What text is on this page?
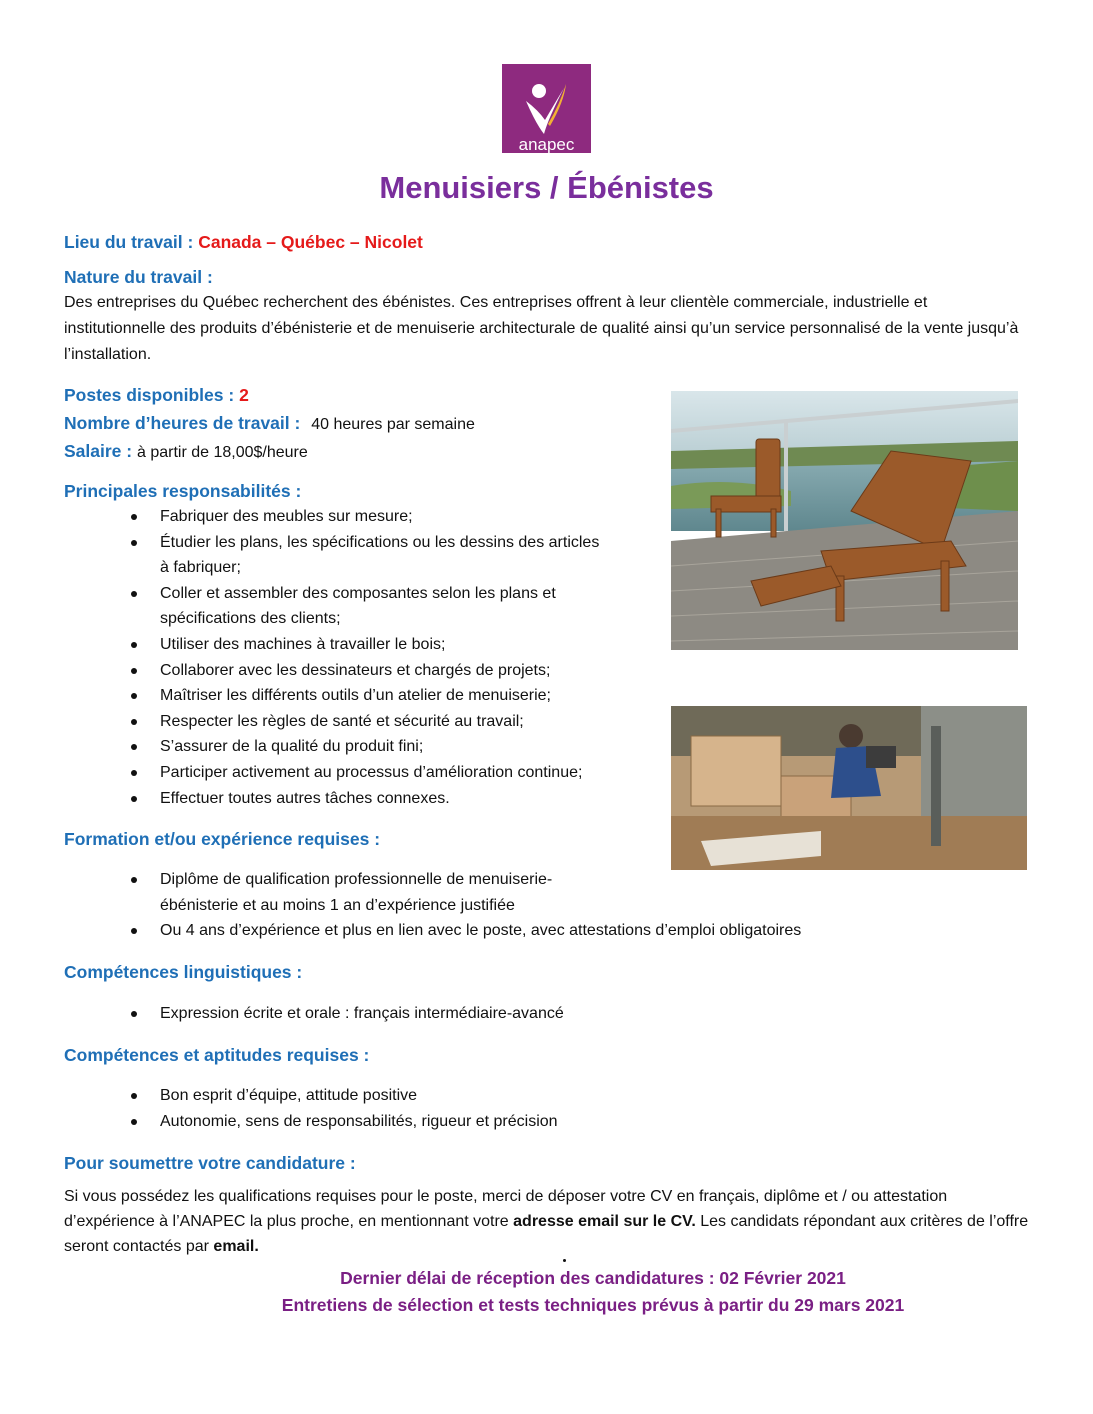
anapec
Menuisiers / Ébénistes
Lieu du travail : Canada – Québec – Nicolet
Nature du travail :
Des entreprises du Québec recherchent des ébénistes. Ces entreprises offrent à leur clientèle commerciale, industrielle et institutionnelle des produits d’ébénisterie et de menuiserie architecturale de qualité ainsi qu’un service personnalisé de la vente jusqu’à l’installation.
Postes disponibles : 2
Nombre d’heures de travail : 40 heures par semaine
Salaire : à partir de 18,00$/heure
Principales responsabilités :
Fabriquer des meubles sur mesure;
Étudier les plans, les spécifications ou les dessins des articles
à fabriquer;
Coller et assembler des composantes selon les plans et
spécifications des clients;
Utiliser des machines à travailler le bois;
Collaborer avec les dessinateurs et chargés de projets;
Maîtriser les différents outils d’un atelier de menuiserie;
Respecter les règles de santé et sécurité au travail;
S’assurer de la qualité du produit fini;
Participer activement au processus d’amélioration continue;
Effectuer toutes autres tâches connexes.
Formation et/ou expérience requises :
Diplôme de qualification professionnelle de menuiserie-
ébénisterie et au moins 1 an d’expérience justifiée
Ou 4 ans d’expérience et plus en lien avec le poste, avec attestations d’emploi obligatoires
Compétences linguistiques :
Expression écrite et orale : français intermédiaire-avancé
Compétences et aptitudes requises :
Bon esprit d’équipe, attitude positive
Autonomie, sens de responsabilités, rigueur et précision
Pour soumettre votre candidature :
Si vous possédez les qualifications requises pour le poste, merci de déposer votre CV en français, diplôme et / ou attestation d’expérience à l’ANAPEC la plus proche, en mentionnant votre adresse email sur le CV. Les candidats répondant aux critères de l’offre seront contactés par email.
Dernier délai de réception des candidatures : 02 Février 2021
Entretiens de sélection et tests techniques prévus à partir du 29 mars 2021
